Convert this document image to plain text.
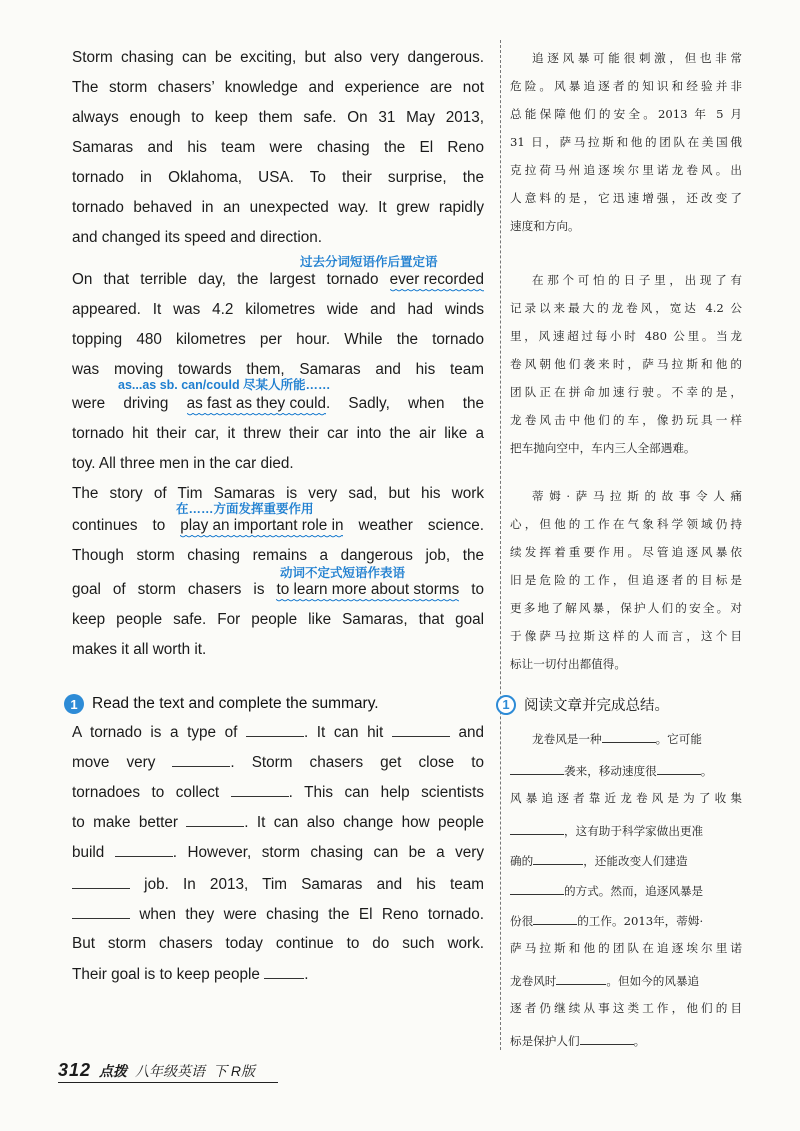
Storm chasing can be exciting, but also very dangerous.
The storm chasers’ knowledge and experience are not
always enough to keep them safe. On 31 May 2013,
Samaras and his team were chasing the El Reno
tornado in Oklahoma, USA. To their surprise, the
tornado behaved in an unexpected way. It grew rapidly
and changed its speed and direction.
过去分词短语作后置定语
On that terrible day, the largest tornado ever recorded
appeared. It was 4.2 kilometres wide and had winds
topping 480 kilometres per hour. While the tornado
was moving towards them, Samaras and his team
as...as sb. can/could 尽某人所能……
were driving as fast as they could. Sadly, when the
tornado hit their car, it threw their car into the air like a
toy. All three men in the car died.
The story of Tim Samaras is very sad, but his work
在……方面发挥重要作用
continues to play an important role in weather science.
Though storm chasing remains a dangerous job, the
动词不定式短语作表语
goal of storm chasers is to learn more about storms to
keep people safe. For people like Samaras, that goal
makes it all worth it.
1 Read the text and complete the summary.
A tornado is a type of	. It can hit	and
move very	. Storm chasers get close to
tornadoes to collect	. This can help scientists
to make better	. It can also change how people
build	. However, storm chasing can be a very
job. In 2013, Tim Samaras and his team
when they were chasing the El Reno tornado.
But storm chasers today continue to do such work.
Their goal is to keep people	.
追逐风暴可能很刺激，但也非常
危险。风暴追逐者的知识和经验并非
总能保障他们的安全。2013 年 5 月
31 日，萨马拉斯和他的团队在美国俄
克拉荷马州追逐埃尔里诺龙卷风。出
人意料的是，它迅速增强，还改变了
速度和方向。
在那个可怕的日子里，出现了有
记录以来最大的龙卷风，宽达 4.2 公
里，风速超过每小时 480 公里。当龙
卷风朝他们袭来时，萨马拉斯和他的
团队正在拼命加速行驶。不幸的是，
龙卷风击中他们的车，像扔玩具一样
把车抛向空中，车内三人全部遇难。
蒂姆·萨马拉斯的故事令人痛
心，但他的工作在气象科学领域仍持
续发挥着重要作用。尽管追逐风暴依
旧是危险的工作，但追逐者的目标是
更多地了解风暴，保护人们的安全。对
于像萨马拉斯这样的人而言，这个目
标让一切付出都值得。
1 阅读文章并完成总结。
龙卷风是一种	。它可能
袭来，移动速度很	。
风暴追逐者靠近龙卷风是为了收集
，这有助于科学家做出更准
确的	，还能改变人们建造
的方式。然而，追逐风暴是
份很	的工作。2013年，蒂姆·
萨马拉斯和他的团队在追逐埃尔里诺
龙卷风时	。但如今的风暴追
逐者仍继续从事这类工作，他们的目
标是保护人们	。
312 点拨 八年级英语 下 R版
